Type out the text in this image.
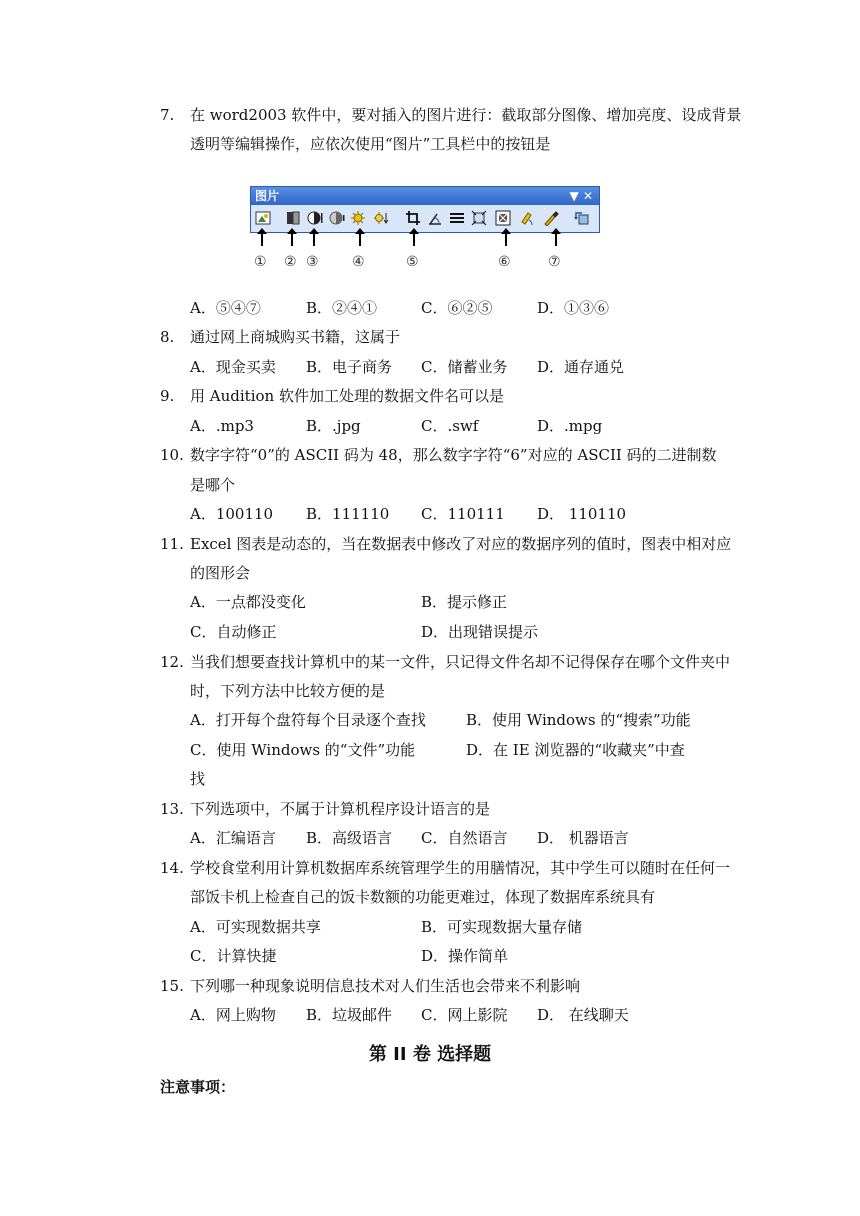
7. 在 word2003 软件中，要对插入的图片进行：截取部分图像、增加亮度、设成背景
透明等编辑操作，应依次使用“图片”工具栏中的按钮是
图片	▼ ✕
① ② ③ ④	⑤	⑥	⑦
A．⑤④⑦	B．②④①	C．⑥②⑤	D．①③⑥
8. 通过网上商城购买书籍，这属于
A．现金买卖 B．电子商务 C．储蓄业务 D．通存通兑
9. 用 Audition 软件加工处理的数据文件名可以是
A．.mp3	B．.jpg	C．.swf	D．.mpg
10. 数字字符“0”的 ASCII 码为 48，那么数字字符“6”对应的 ASCII 码的二进制数
是哪个
A．100110 B．111110 C．110111 D． 110110
11. Excel 图表是动态的，当在数据表中修改了对应的数据序列的值时，图表中相对应
的图形会
A．一点都没变化	B．提示修正
C．自动修正	D．出现错误提示
12. 当我们想要查找计算机中的某一文件，只记得文件名却不记得保存在哪个文件夹中
时，下列方法中比较方便的是
A．打开每个盘符每个目录逐个查找	B．使用 Windows 的“搜索”功能
C．使用 Windows 的“文件”功能	D．在 IE 浏览器的“收藏夹”中查
找
13. 下列选项中，不属于计算机程序设计语言的是
A．汇编语言 B．高级语言 C．自然语言 D． 机器语言
14. 学校食堂利用计算机数据库系统管理学生的用膳情况，其中学生可以随时在任何一
部饭卡机上检查自己的饭卡数额的功能更难过，体现了数据库系统具有
A．可实现数据共享	B．可实现数据大量存储
C．计算快捷	D．操作简单
15. 下列哪一种现象说明信息技术对人们生活也会带来不利影响
A．网上购物 B．垃圾邮件 C．网上影院 D． 在线聊天
第 II 卷 选择题
注意事项：
